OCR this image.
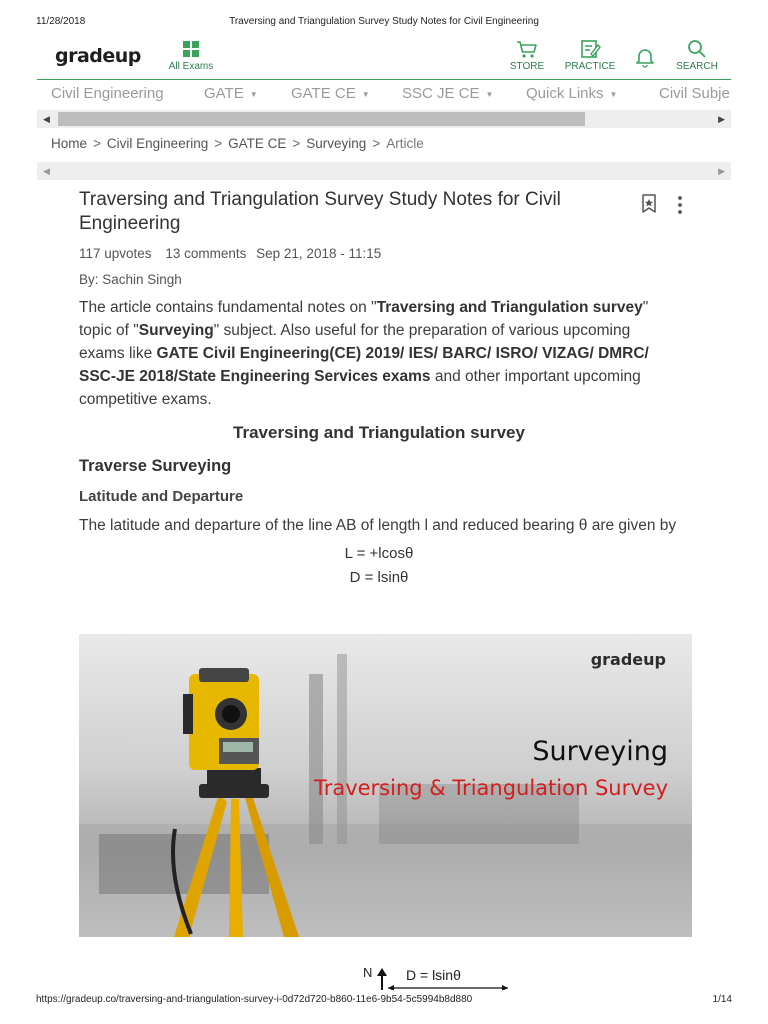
11/28/2018	Traversing and Triangulation Survey Study Notes for Civil Engineering
gradeup	All Exams	STORE PRACTICE	SEARCH
Civil Engineering	GATE ▼ GATE CE ▼ SSC JE CE ▼ Quick Links ▼	Civil Subje
◀	▶
Home > Civil Engineering > GATE CE > Surveying > Article
◀	▶
Traversing and Triangulation Survey Study Notes for Civil Engineering
117 upvotes 13 comments Sep 21, 2018 - 11:15
By: Sachin Singh

The article contains fundamental notes on "Traversing and Triangulation survey" topic of "Surveying" subject. Also useful for the preparation of various upcoming exams like GATE Civil Engineering(CE) 2019/ IES/ BARC/ ISRO/ VIZAG/ DMRC/ SSC-JE 2018/State Engineering Services exams and other important upcoming competitive exams.

Traversing and Triangulation survey
Traverse Surveying
Latitude and Departure

The latitude and departure of the line AB of length l and reduced bearing θ are given by

L = +lcosθ
D = lsinθ
gradeup
Surveying
Traversing & Triangulation Survey
N D = lsinθ
https://gradeup.co/traversing-and-triangulation-survey-i-0d72d720-b860-11e6-9b54-5c5994b8d880	1/14
